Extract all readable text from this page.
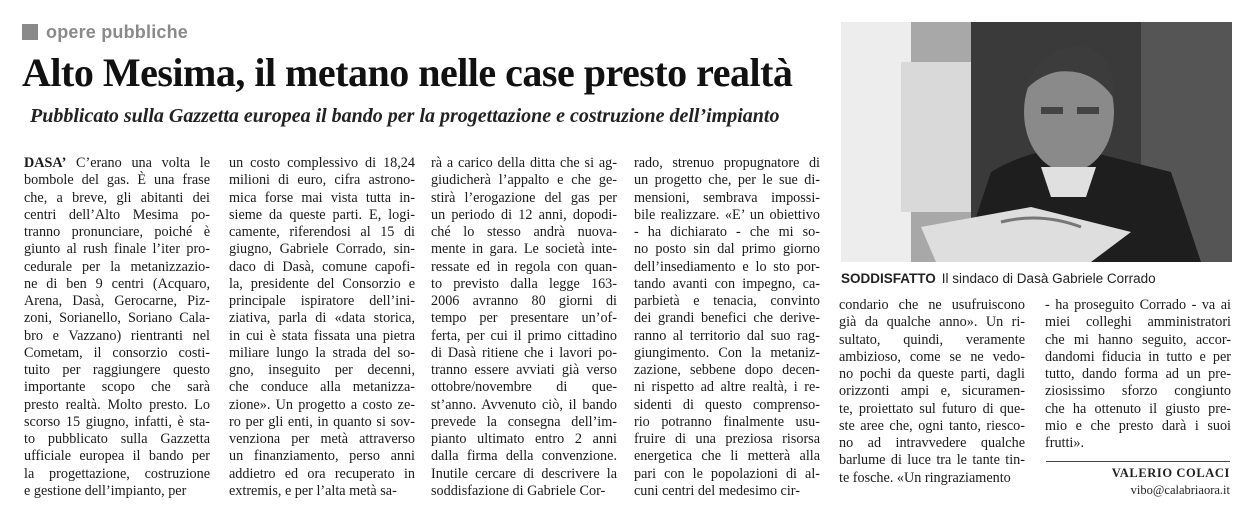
opere pubbliche
Alto Mesima, il metano nelle case presto realtà
Pubblicato sulla Gazzetta europea il bando per la progettazione e costruzione dell’impianto
DASA’ C’erano una volta le
bombole del gas. È una frase
che, a breve, gli abitanti dei
centri dell’Alto Mesima po-
tranno pronunciare, poiché è
giunto al rush finale l’iter pro-
cedurale per la metanizzazio-
ne di ben 9 centri (Acquaro,
Arena, Dasà, Gerocarne, Piz-
zoni, Sorianello, Soriano Cala-
bro e Vazzano) rientranti nel
Cometam, il consorzio costi-
tuito per raggiungere questo
importante scopo che sarà
presto realtà. Molto presto. Lo
scorso 15 giugno, infatti, è sta-
to pubblicato sulla Gazzetta
ufficiale europea il bando per
la progettazione, costruzione
e gestione dell’impianto, per
un costo complessivo di 18,24
milioni di euro, cifra astrono-
mica forse mai vista tutta in-
sieme da queste parti. E, logi-
camente, riferendosi al 15 di
giugno, Gabriele Corrado, sin-
daco di Dasà, comune capofi-
la, presidente del Consorzio e
principale ispiratore dell’ini-
ziativa, parla di «data storica,
in cui è stata fissata una pietra
miliare lungo la strada del so-
gno, inseguito per decenni,
che conduce alla metanizza-
zione». Un progetto a costo ze-
ro per gli enti, in quanto si sov-
venziona per metà attraverso
un finanziamento, perso anni
addietro ed ora recuperato in
extremis, e per l’alta metà sa-
rà a carico della ditta che si ag-
giudicherà l’appalto e che ge-
stirà l’erogazione del gas per
un periodo di 12 anni, dopodi-
ché lo stesso andrà nuova-
mente in gara. Le società inte-
ressate ed in regola con quan-
to previsto dalla legge 163-
2006 avranno 80 giorni di
tempo per presentare un’of-
ferta, per cui il primo cittadino
di Dasà ritiene che i lavori po-
tranno essere avviati già verso
ottobre/novembre di que-
st’anno. Avvenuto ciò, il bando
prevede la consegna dell’im-
pianto ultimato entro 2 anni
dalla firma della convenzione.
Inutile cercare di descrivere la
soddisfazione di Gabriele Cor-
rado, strenuo propugnatore di
un progetto che, per le sue di-
mensioni, sembrava impossi-
bile realizzare. «E’ un obiettivo
- ha dichiarato - che mi so-
no posto sin dal primo giorno
dell’insediamento e lo sto por-
tando avanti con impegno, ca-
parbietà e tenacia, convinto
dei grandi benefici che derive-
ranno al territorio dal suo rag-
giungimento. Con la metaniz-
zazione, sebbene dopo decen-
ni rispetto ad altre realtà, i re-
sidenti di questo comprenso-
rio potranno finalmente usu-
fruire di una preziosa risorsa
energetica che li metterà alla
pari con le popolazioni di al-
cuni centri del medesimo cir-
condario che ne usufruiscono
già da qualche anno». Un ri-
sultato, quindi, veramente
ambizioso, come se ne vedo-
no pochi da queste parti, dagli
orizzonti ampi e, sicuramen-
te, proiettato sul futuro di que-
ste aree che, ogni tanto, riesco-
no ad intravvedere qualche
barlume di luce tra le tante tin-
te fosche. «Un ringraziamento
- ha proseguito Corrado - va ai
miei colleghi amministratori
che mi hanno seguito, accor-
dandomi fiducia in tutto e per
tutto, dando forma ad un pre-
ziosissimo sforzo congiunto
che ha ottenuto il giusto pre-
mio e che presto darà i suoi
frutti».
SODDISFATTO Il sindaco di Dasà Gabriele Corrado
VALERIO COLACI
vibo@calabriaora.it
